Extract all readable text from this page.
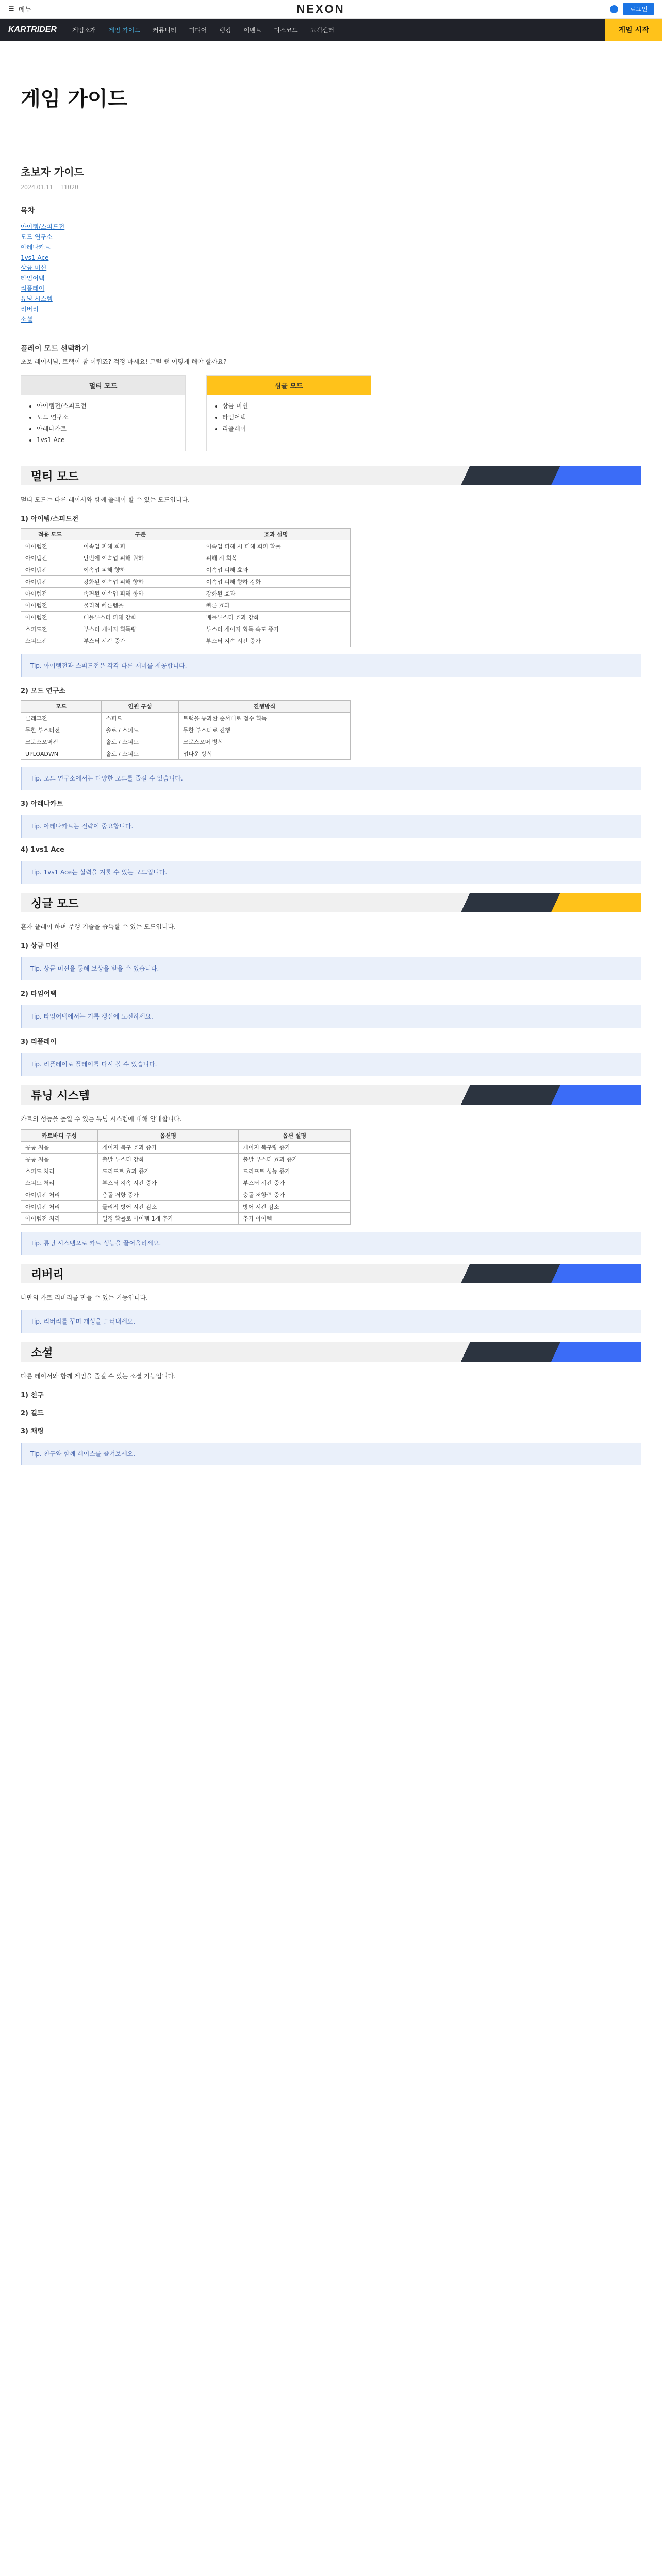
☰ 메뉴	NEXON	로그인
KARTRIDER	게임소개 게임 가이드 커뮤니티 미디어 랭킹 이벤트 디스코드 고객센터	게임 시작
게임 가이드
초보자 가이드
2024.01.11 11020
목차
아이템/스피드전
모드 연구소
아레나카트
1vs1 Ace
상금 미션
타임어택
리플레이
튜닝 시스템
리버리
소셜
플레이 모드 선택하기
초보 레이서님, 트랙이 참 어렵죠? 걱정 마세요! 그럴 땐 어떻게 해야 할까요?
멀티 모드
• 아이템전/스피드전
• 모드 연구소
• 아레나카트
• 1vs1 Ace
싱글 모드
• 상금 미션
• 타임어택
• 리플레이
멀티 모드
멀티 모드는 다른 레이서와 함께 플레이 할 수 있는 모드입니다.
1) 아이템/스피드전
적용 모드	구분	효과 설명
아이템전	이속업 피해 회피	이속업 피해 시 피해 회피 확률
아이템전	단번에 이속업 피해 원하	피해 시 회복
아이템전	이속업 피해 향하	이속업 피해 효과
아이템전	강화된 이속업 피해 향하	이속업 피해 향하 강화
아이템전	속편된 이속업 피해 향하	강화된 효과
아이템전	물리적 빠른템을	빠른 효과
아이템전	배틀부스터 피해 강화	배틀부스터 효과 강화
스피드전	부스터 게이지 획득량	부스터 게이지 획득 속도 증가
스피드전	부스터 시간 증가	부스터 지속 시간 증가
Tip. 아이템전과 스피드전은 각각 다른 재미를 제공합니다.
2) 모드 연구소
모드	인원 구성	진행방식
클래그전	스피드	트랙을 통과한 순서대로 점수 획득
무한 부스터전	솔로 / 스피드	무한 부스터로 진행
크로스오버전	솔로 / 스피드	크로스오버 방식
UPLOADWN	솔로 / 스피드	업다운 방식
Tip. 모드 연구소에서는 다양한 모드를 즐길 수 있습니다.
3) 아레나카트
Tip. 아레나카트는 전략이 중요합니다.
4) 1vs1 Ace
Tip. 1vs1 Ace는 실력을 겨룰 수 있는 모드입니다.
싱글 모드
혼자 플레이 하며 주행 기술을 습득할 수 있는 모드입니다.
1) 상금 미션
Tip. 상금 미션을 통해 보상을 받을 수 있습니다.
2) 타임어택
Tip. 타임어택에서는 기록 갱신에 도전하세요.
3) 리플레이
Tip. 리플레이로 플레이를 다시 볼 수 있습니다.
튜닝 시스템
카트의 성능을 높일 수 있는 튜닝 시스템에 대해 안내합니다.
카트바디 구성	옵션명	옵션 설명
공통 처음	게이지 복구 효과 증가	게이지 복구량 증가
공통 처음	출발 부스터 강화	출발 부스터 효과 증가
스피드 처리	드리프트 효과 증가	드리프트 성능 증가
스피드 처리	부스터 지속 시간 증가	부스터 시간 증가
아이템전 처리	충돌 저항 증가	충돌 저항력 증가
아이템전 처리	물리적 방어 시간 감소	방어 시간 감소
아이템전 처리	일정 확률로 아이템 1개 추가	추가 아이템
Tip. 튜닝 시스템으로 카트 성능을 끌어올리세요.
리버리
나만의 카트 리버리를 만들 수 있는 기능입니다.
Tip. 리버리를 꾸며 개성을 드러내세요.
소셜
다른 레이서와 함께 게임을 즐길 수 있는 소셜 기능입니다.
1) 친구
2) 길드
3) 채팅
Tip. 친구와 함께 레이스를 즐겨보세요.
